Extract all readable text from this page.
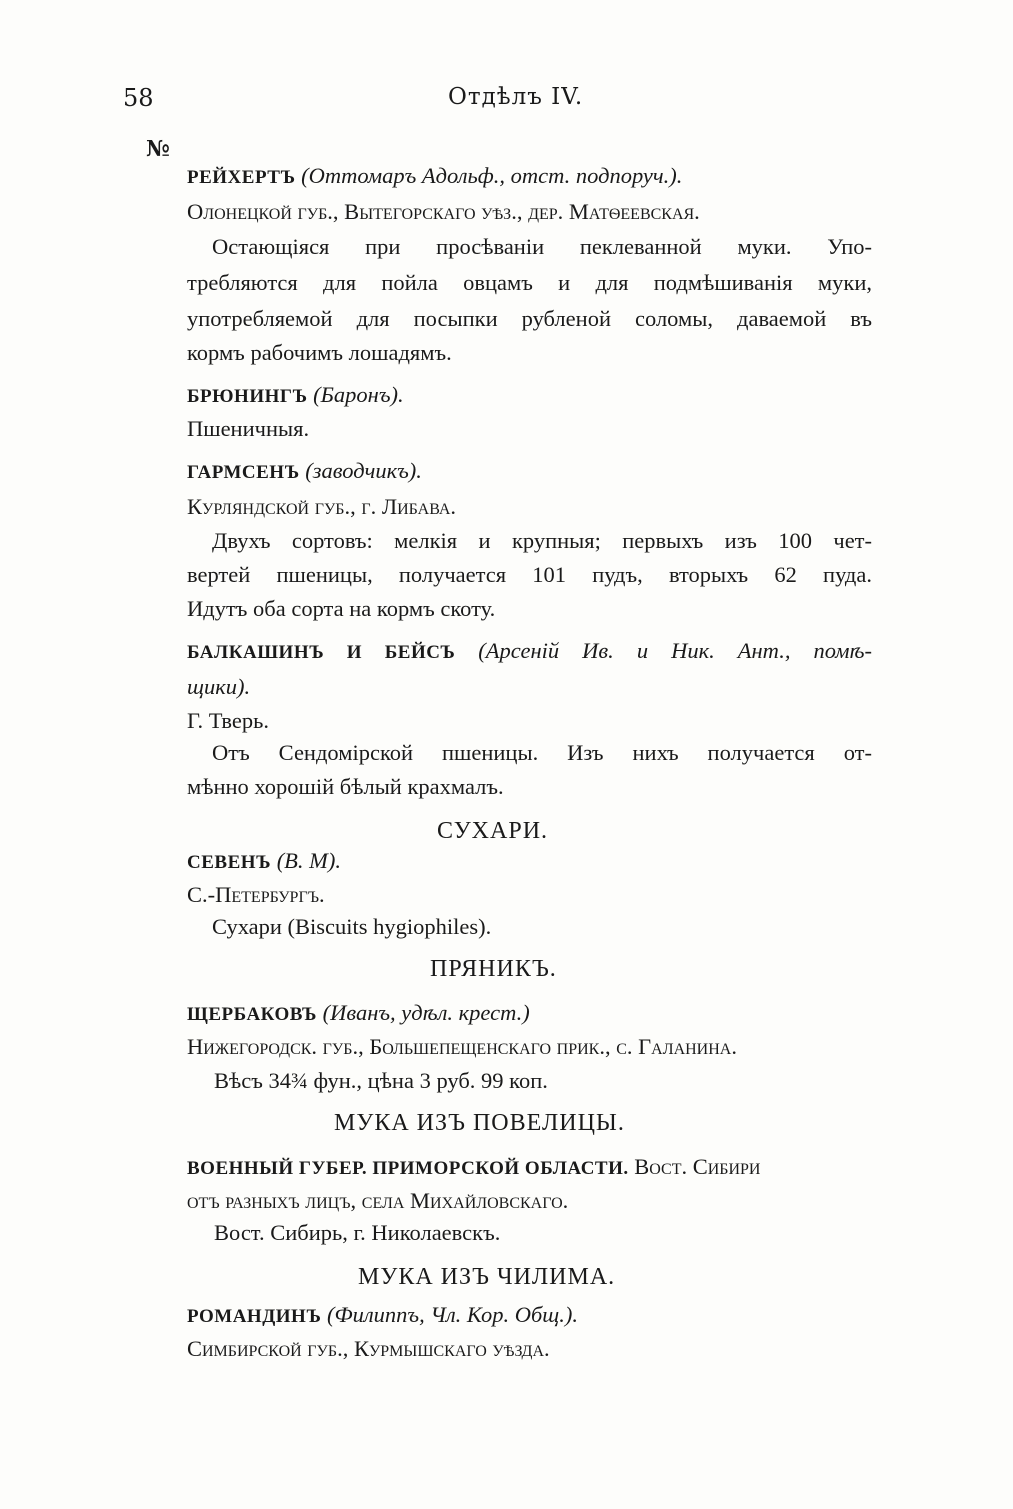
58	Отдѣлъ IV.
№
РЕЙХЕРТЪ (Оттомаръ Адольф., отст. подпоруч.).
Олонецкой губ., Вытегорскаго уѣз., дер. Матѳеевская.
Остающіяся при просѣваніи пеклеванной муки. Упо-
требляются для пойла овцамъ и для подмѣшиванія муки,
употребляемой для посыпки рубленой соломы, даваемой въ
кормъ рабочимъ лошадямъ.
БРЮНИНГЪ (Баронъ).
Пшеничныя.
ГАРМСЕНЪ (заводчикъ).
Курляндской губ., г. Либава.
Двухъ сортовъ: мелкія и крупныя; первыхъ изъ 100 чет-
вертей пшеницы, получается 101 пудъ, вторыхъ 62 пуда.
Идутъ оба сорта на кормъ скоту.
БАЛКАШИНЪ И БЕЙСЪ (Арсеній Ив. и Ник. Ант., помѣ-
щики).
Г. Тверь.
Отъ Сендомірской пшеницы. Изъ нихъ получается от-
мѣнно хорошій бѣлый крахмалъ.
СУХАРИ.
СЕВЕНЪ (В. М).
С.-Петербургъ.
Сухари (Biscuits hygiophiles).
ПРЯНИКЪ.
ЩЕРБАКОВЪ (Иванъ, удѣл. крест.)
Нижегородск. губ., Большепещенскаго прик., с. Галанина.
Вѣсъ 34¾ фун., цѣна 3 руб. 99 коп.
МУКА ИЗЪ ПОВЕЛИЦЫ.
ВОЕННЫЙ ГУБЕР. ПРИМОРСКОЙ ОБЛАСТИ. Вост. Сибири
отъ разныхъ лицъ, села Михайловскаго.
Вост. Сибирь, г. Николаевскъ.
МУКА ИЗЪ ЧИЛИМА.
РОМАНДИНЪ (Филиппъ, Чл. Кор. Общ.).
Симбирской губ., Курмышскаго уѣзда.
